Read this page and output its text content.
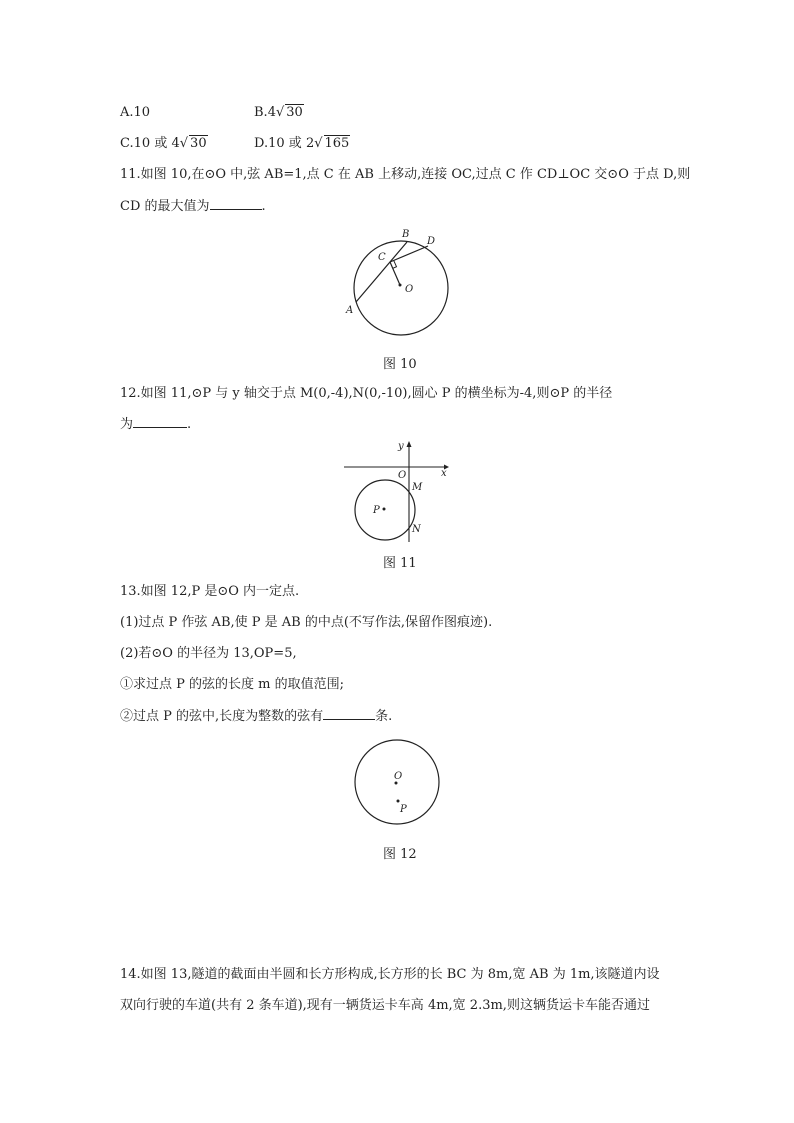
A.10	B.4√ 30
C.10 或 4√ 30	D.10 或 2√ 165
11.如图 10,在⊙O 中,弦 AB=1,点 C 在 AB 上移动,连接 OC,过点 C 作 CD⊥OC 交⊙O 于点 D,则
CD 的最大值为	.
A
B
C
D
O
图 10
12.如图 11,⊙P 与 y 轴交于点 M(0,-4),N(0,-10),圆心 P 的横坐标为-4,则⊙P 的半径
为	.
y
x
O
M
N
P
图 11
13.如图 12,P 是⊙O 内一定点.
(1)过点 P 作弦 AB,使 P 是 AB 的中点(不写作法,保留作图痕迹).
(2)若⊙O 的半径为 13,OP=5,
①求过点 P 的弦的长度 m 的取值范围;
②过点 P 的弦中,长度为整数的弦有	条.
O
P
图 12
14.如图 13,隧道的截面由半圆和长方形构成,长方形的长 BC 为 8m,宽 AB 为 1m,该隧道内设
双向行驶的车道(共有 2 条车道),现有一辆货运卡车高 4m,宽 2.3m,则这辆货运卡车能否通过
